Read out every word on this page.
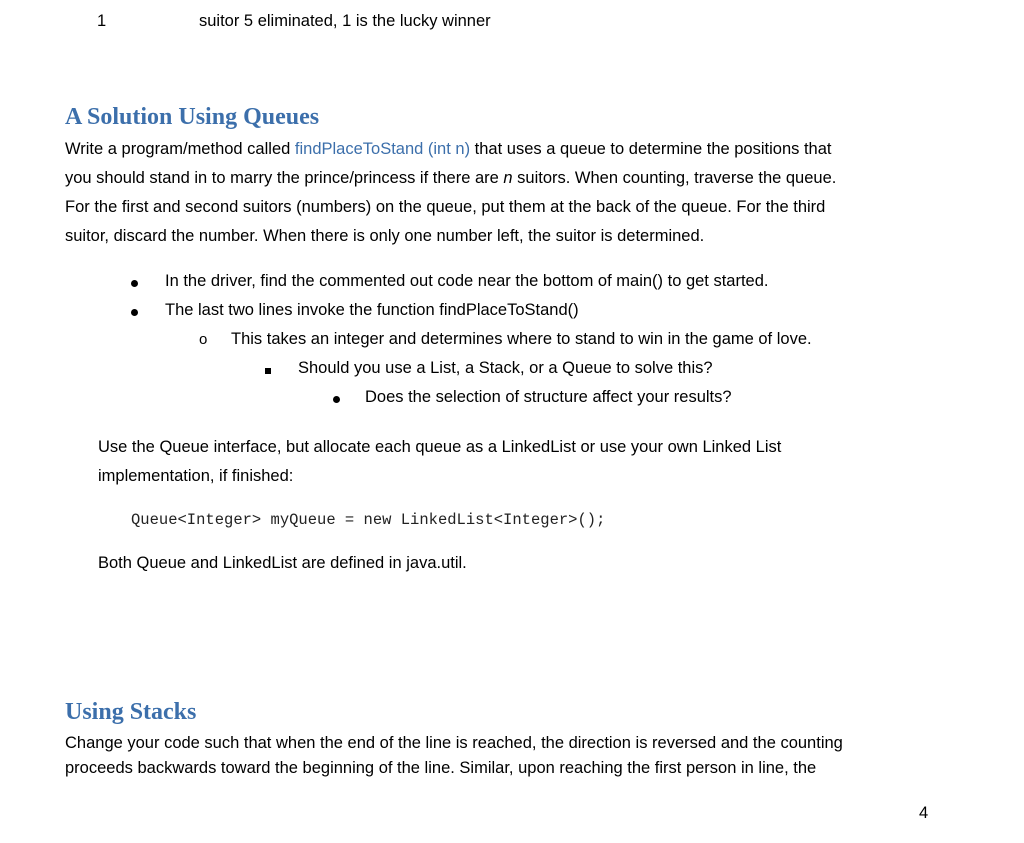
1	suitor 5 eliminated, 1 is the lucky winner
A Solution Using Queues
Write a program/method called findPlaceToStand (int n) that uses a queue to determine the positions that
you should stand in to marry the prince/princess if there are n suitors. When counting, traverse the queue.
For the first and second suitors (numbers) on the queue, put them at the back of the queue. For the third
suitor, discard the number. When there is only one number left, the suitor is determined.
In the driver, find the commented out code near the bottom of main() to get started.
The last two lines invoke the function findPlaceToStand()
o This takes an integer and determines where to stand to win in the game of love.
Should you use a List, a Stack, or a Queue to solve this?
Does the selection of structure affect your results?
Use the Queue interface, but allocate each queue as a LinkedList or use your own Linked List
implementation, if finished:
Queue<Integer> myQueue = new LinkedList<Integer>();
Both Queue and LinkedList are defined in java.util.
Using Stacks
Change your code such that when the end of the line is reached, the direction is reversed and the counting
proceeds backwards toward the beginning of the line. Similar, upon reaching the first person in line, the
4
